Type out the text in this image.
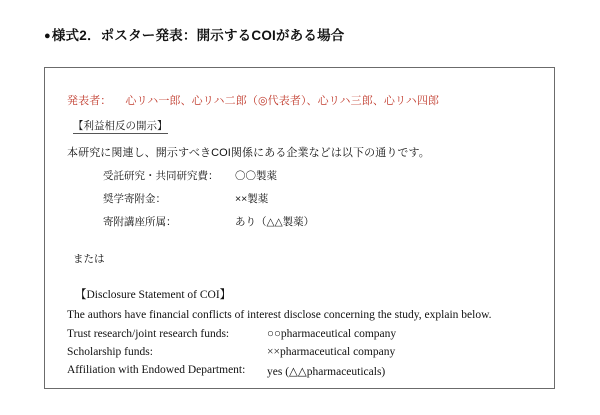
●様式2．ポスター発表：開示するCOIがある場合
発表者： 心リハ一郎、心リハ二郎（◎代表者）、心リハ三郎、心リハ四郎
【利益相反の開示】
本研究に関連し、開示すべきCOI関係にある企業などは以下の通りです。
受託研究・共同研究費：	〇〇製薬
奨学寄附金：	××製薬
寄附講座所属：	あり（△△製薬）
または
【Disclosure Statement of COI】
The authors have financial conflicts of interest disclose concerning the study, explain below.
Trust research/joint research funds:	○○pharmaceutical company
Scholarship funds:	××pharmaceutical company
Affiliation with Endowed Department:	yes (△△pharmaceuticals)
